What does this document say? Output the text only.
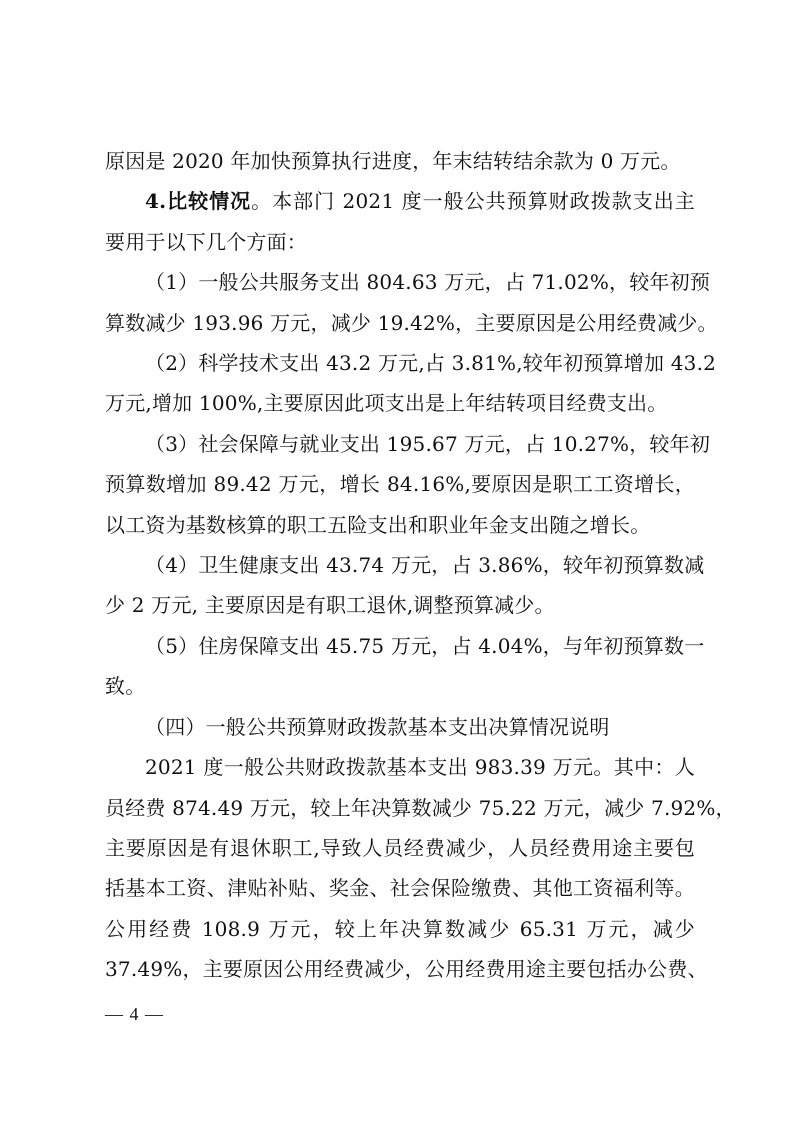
原因是 2020 年加快预算执行进度，年末结转结余款为 0 万元。
4.比较情况。本部门 2021 度一般公共预算财政拨款支出主
要用于以下几个方面：
（1）一般公共服务支出 804.63 万元，占 71.02%，较年初预
算数减少 193.96 万元，减少 19.42%，主要原因是公用经费减少。
（2）科学技术支出 43.2 万元,占 3.81%,较年初预算增加 43.2
万元,增加 100%,主要原因此项支出是上年结转项目经费支出。
（3）社会保障与就业支出 195.67 万元，占 10.27%，较年初
预算数增加 89.42 万元，增长 84.16%,要原因是职工工资增长，
以工资为基数核算的职工五险支出和职业年金支出随之增长。
（4）卫生健康支出 43.74 万元，占 3.86%，较年初预算数减
少 2 万元, 主要原因是有职工退休,调整预算减少。
（5）住房保障支出 45.75 万元，占 4.04%，与年初预算数一
致。
（四）一般公共预算财政拨款基本支出决算情况说明
2021 度一般公共财政拨款基本支出 983.39 万元。其中：人
员经费 874.49 万元，较上年决算数减少 75.22 万元，减少 7.92%，
主要原因是有退休职工,导致人员经费减少，人员经费用途主要包
括基本工资、津贴补贴、奖金、社会保险缴费、其他工资福利等。
公用经费 108.9 万元，较上年决算数减少 65.31 万元，减少
37.49%，主要原因公用经费减少，公用经费用途主要包括办公费、
— 4 —
